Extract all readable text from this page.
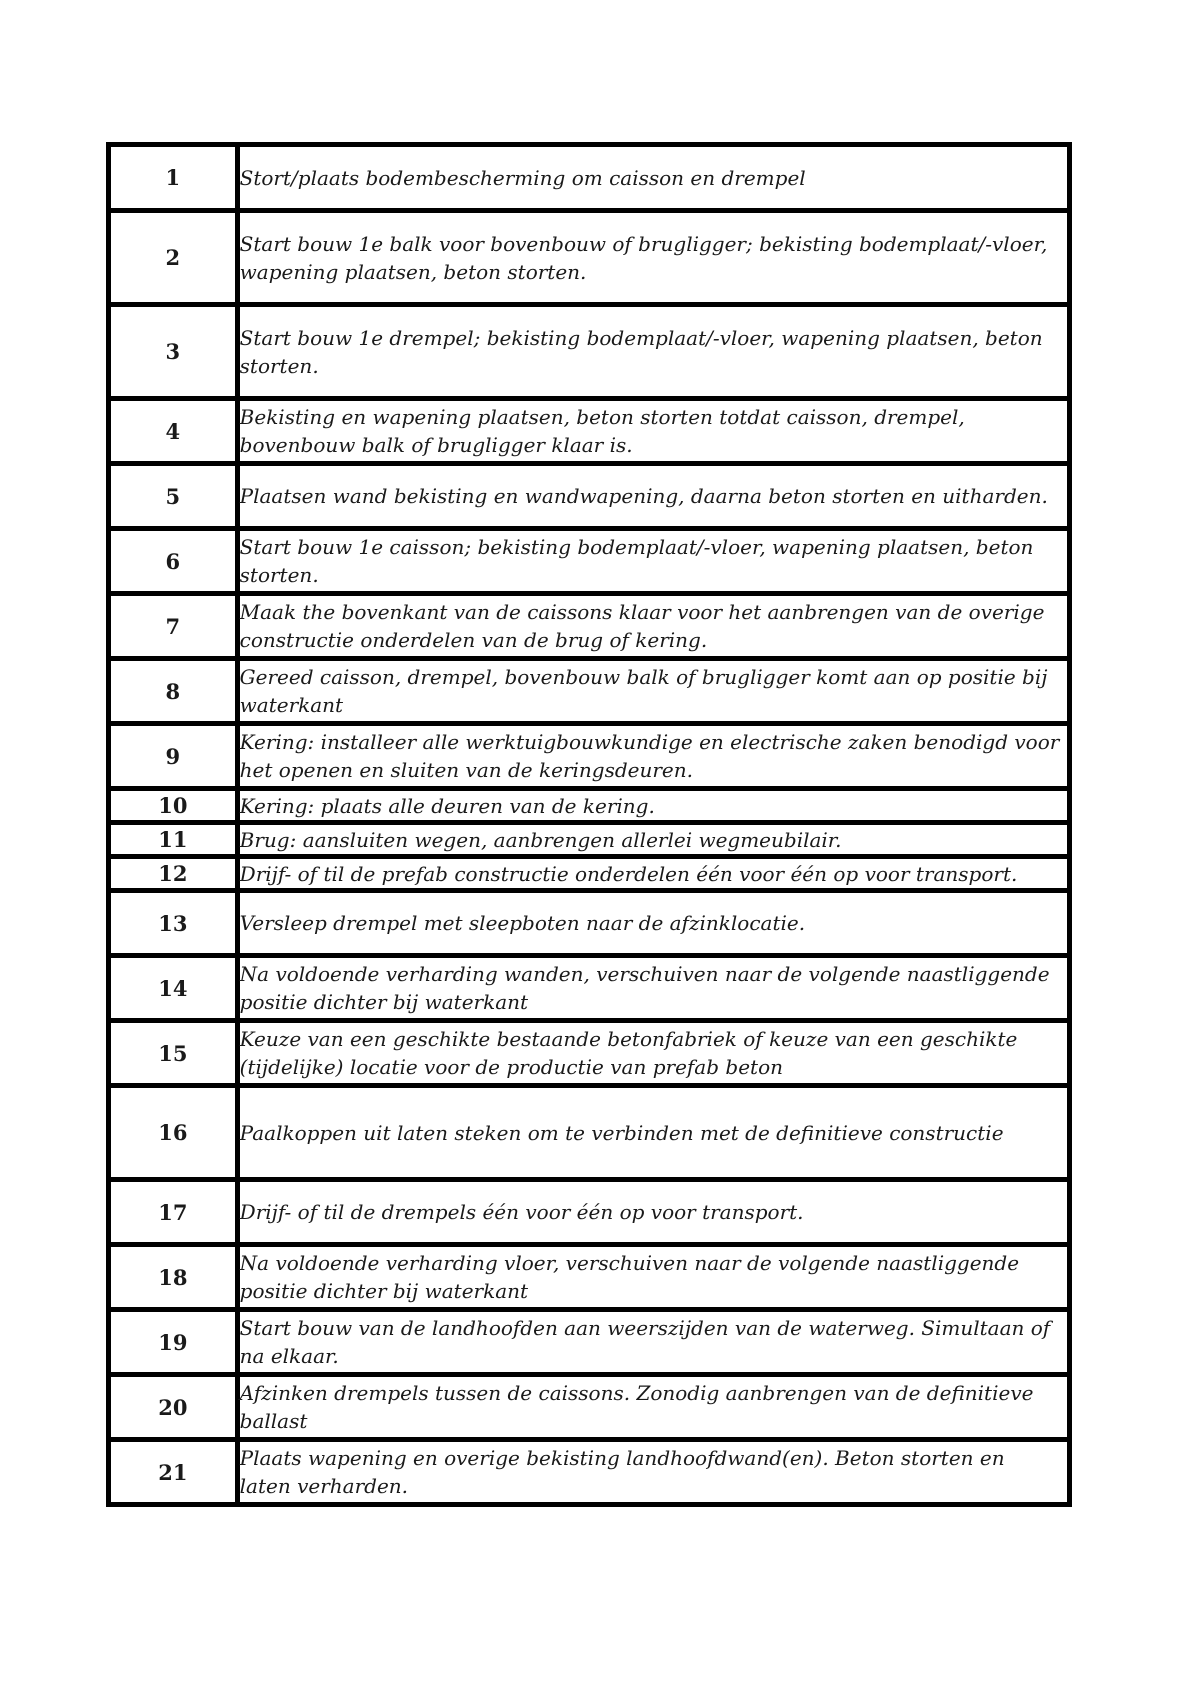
1	Stort/plaats bodembescherming om caisson en drempel
2	Start bouw 1e balk voor bovenbouw of brugligger; bekisting bodemplaat/-vloer, wapening plaatsen, beton storten.
3	Start bouw 1e drempel; bekisting bodemplaat/-vloer, wapening plaatsen, beton storten.
4	Bekisting en wapening plaatsen, beton storten totdat caisson, drempel, bovenbouw balk of brugligger klaar is.
5	Plaatsen wand bekisting en wandwapening, daarna beton storten en uitharden.
6	Start bouw 1e caisson; bekisting bodemplaat/-vloer, wapening plaatsen, beton storten.
7	Maak the bovenkant van de caissons klaar voor het aanbrengen van de overige constructie onderdelen van de brug of kering.
8	Gereed caisson, drempel, bovenbouw balk of brugligger komt aan op positie bij waterkant
9	Kering: installeer alle werktuigbouwkundige en electrische zaken benodigd voor het openen en sluiten van de keringsdeuren.
10	Kering: plaats alle deuren van de kering.
11	Brug: aansluiten wegen, aanbrengen allerlei wegmeubilair.
12	Drijf- of til de prefab constructie onderdelen één voor één op voor transport.
13	Versleep drempel met sleepboten naar de afzinklocatie.
14	Na voldoende verharding wanden, verschuiven naar de volgende naastliggende positie dichter bij waterkant
15	Keuze van een geschikte bestaande betonfabriek of keuze van een geschikte (tijdelijke) locatie voor de productie van prefab beton
16	Paalkoppen uit laten steken om te verbinden met de definitieve constructie
17	Drijf- of til de drempels één voor één op voor transport.
18	Na voldoende verharding vloer, verschuiven naar de volgende naastliggende positie dichter bij waterkant
19	Start bouw van de landhoofden aan weerszijden van de waterweg. Simultaan of na elkaar.
20	Afzinken drempels tussen de caissons. Zonodig aanbrengen van de definitieve ballast
21	Plaats wapening en overige bekisting landhoofdwand(en). Beton storten en laten verharden.
